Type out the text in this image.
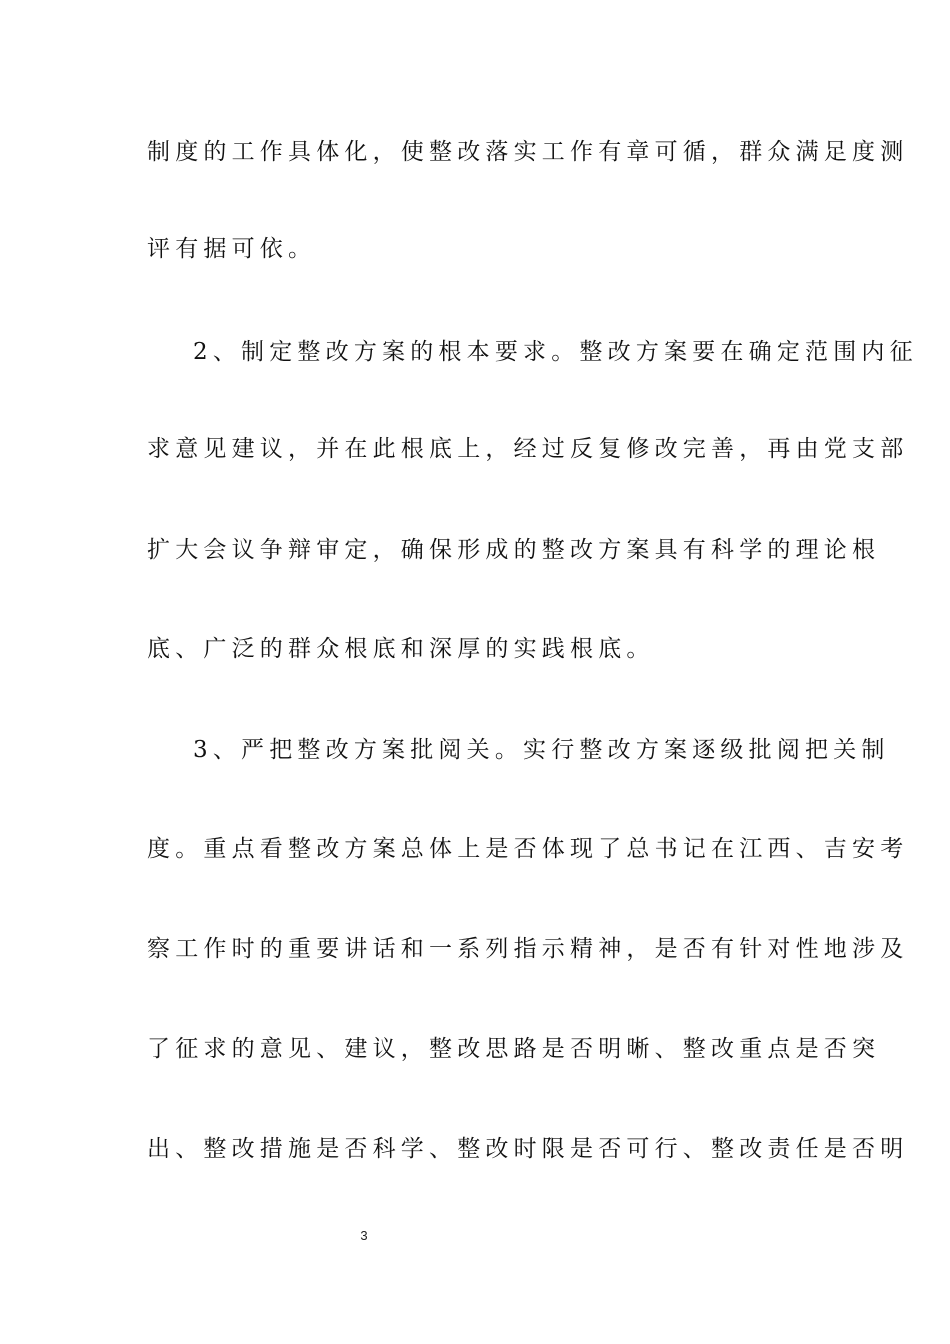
制度的工作具体化，使整改落实工作有章可循，群众满足度测

评有据可依。

2、制定整改方案的根本要求。整改方案要在确定范围内征

求意见建议，并在此根底上，经过反复修改完善，再由党支部

扩大会议争辩审定，确保形成的整改方案具有科学的理论根

底、广泛的群众根底和深厚的实践根底。

3、严把整改方案批阅关。实行整改方案逐级批阅把关制

度。重点看整改方案总体上是否体现了总书记在江西、吉安考

察工作时的重要讲话和一系列指示精神，是否有针对性地涉及

了征求的意见、建议，整改思路是否明晰、整改重点是否突

出、整改措施是否科学、整改时限是否可行、整改责任是否明

3
